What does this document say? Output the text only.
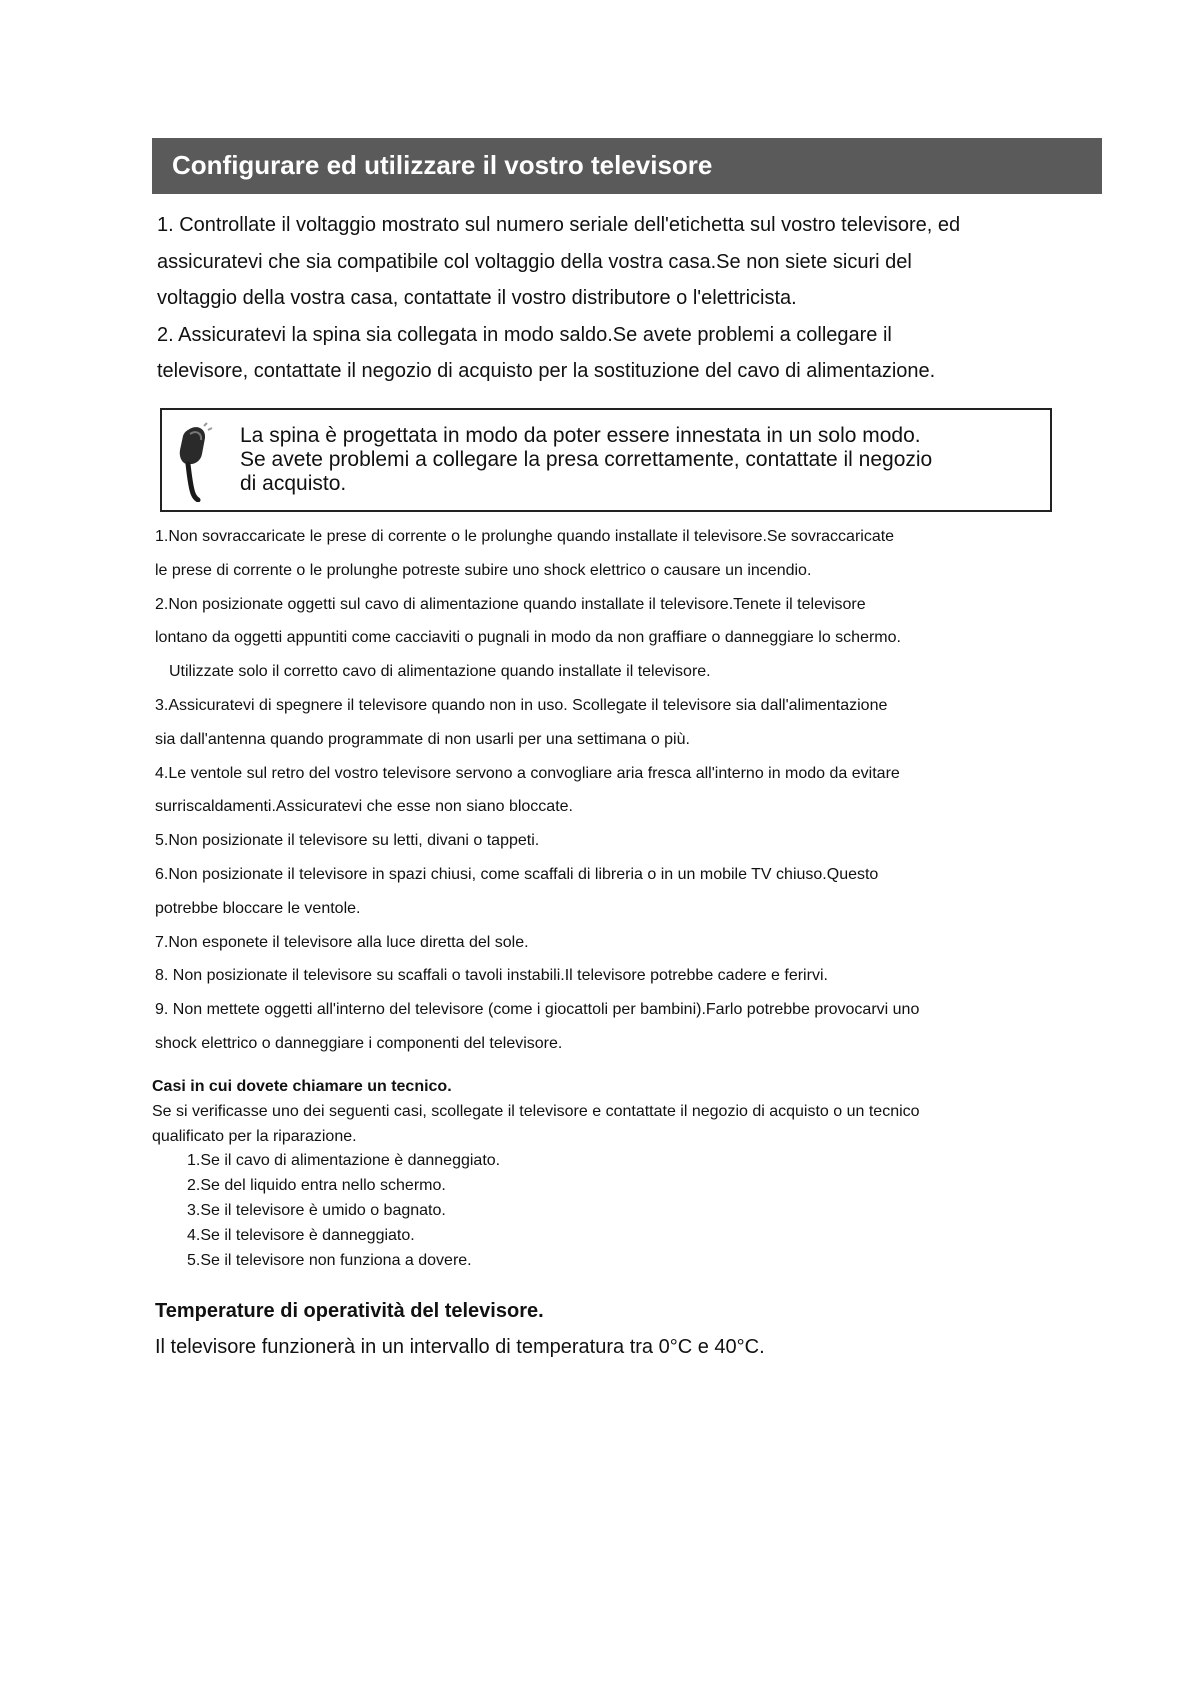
Configurare ed utilizzare il vostro televisore

1. Controllate il voltaggio mostrato sul numero seriale dell'etichetta sul vostro televisore, ed

assicuratevi che sia compatibile col voltaggio della vostra casa.Se non siete sicuri del

voltaggio della vostra casa, contattate il vostro distributore o l'elettricista.

2. Assicuratevi la spina sia collegata in modo saldo.Se avete problemi a collegare il

televisore, contattate il negozio di acquisto per la sostituzione del cavo di alimentazione.

La spina è progettata in modo da poter essere innestata in un solo modo.

Se avete problemi a collegare la presa correttamente, contattate il negozio

di acquisto.

1.Non sovraccaricate le prese di corrente o le prolunghe quando installate il televisore.Se sovraccaricate

le prese di corrente o le prolunghe potreste subire uno shock elettrico o causare un incendio.

2.Non posizionate oggetti sul cavo di alimentazione quando installate il televisore.Tenete il televisore

lontano da oggetti appuntiti come cacciaviti o pugnali in modo da non graffiare o danneggiare lo schermo.

Utilizzate solo il corretto cavo di alimentazione quando installate il televisore.

3.Assicuratevi di spegnere il televisore quando non in uso. Scollegate il televisore sia dall'alimentazione

sia dall'antenna quando programmate di non usarli per una settimana o più.

4.Le ventole sul retro del vostro televisore servono a convogliare aria fresca all'interno in modo da evitare

surriscaldamenti.Assicuratevi che esse non siano bloccate.

5.Non posizionate il televisore su letti, divani o tappeti.

6.Non posizionate il televisore in spazi chiusi, come scaffali di libreria o in un mobile TV chiuso.Questo

potrebbe bloccare le ventole.

7.Non esponete il televisore alla luce diretta del sole.

8. Non posizionate il televisore su scaffali o tavoli instabili.Il televisore potrebbe cadere e ferirvi.

9. Non mettete oggetti all'interno del televisore (come i giocattoli per bambini).Farlo potrebbe provocarvi uno

shock elettrico o danneggiare i componenti del televisore.

Casi in cui dovete chiamare un tecnico.

Se si verificasse uno dei seguenti casi, scollegate il televisore e contattate il negozio di acquisto o un tecnico

qualificato per la riparazione.

1.Se il cavo di alimentazione è danneggiato.
2.Se del liquido entra nello schermo.
3.Se il televisore è umido o bagnato.
4.Se il televisore è danneggiato.
5.Se il televisore non funziona a dovere.

Temperature di operatività del televisore.

Il televisore funzionerà in un intervallo di temperatura tra 0°C e 40°C.
